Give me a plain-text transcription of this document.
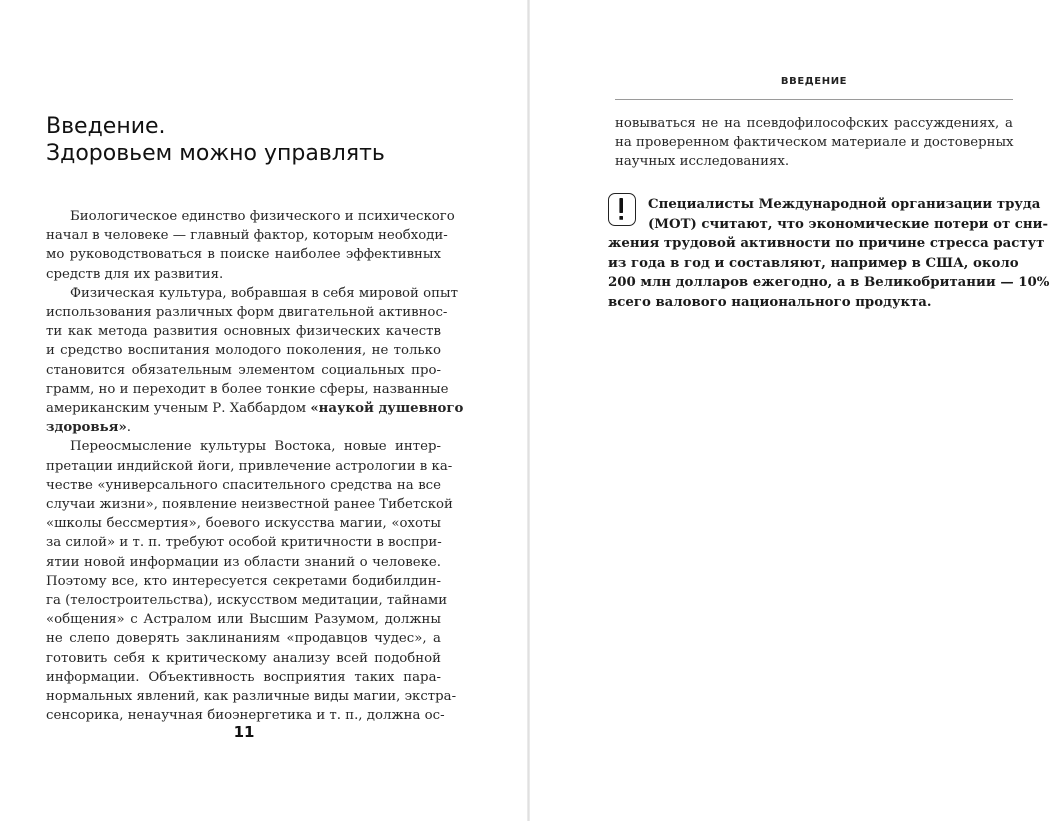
Введение.
Здоровьем можно управлять

Биологическое единство физического и психического
начал в человеке — главный фактор, которым необходи-
мо руководствоваться в поиске наиболее эффективных
средств для их развития.

Физическая культура, вобравшая в себя мировой опыт
использования различных форм двигательной активнос-
ти как метода развития основных физических качеств
и средство воспитания молодого поколения, не только
становится обязательным элементом социальных про-
грамм, но и переходит в более тонкие сферы, названные
американским ученым Р. Хаббардом «наукой душевного
здоровья».

Переосмысление культуры Востока, новые интер-
претации индийской йоги, привлечение астрологии в ка-
честве «универсального спасительного средства на все
случаи жизни», появление неизвестной ранее Тибетской
«школы бессмертия», боевого искусства магии, «охоты
за силой» и т. п. требуют особой критичности в воспри-
ятии новой информации из области знаний о человеке.
Поэтому все, кто интересуется секретами бодибилдин-
га (телостроительства), искусством медитации, тайнами
«общения» с Астралом или Высшим Разумом, должны
не слепо доверять заклинаниям «продавцов чудес», а
готовить себя к критическому анализу всей подобной
информации. Объективность восприятия таких пара-
нормальных явлений, как различные виды магии, экстра-
сенсорика, ненаучная биоэнергетика и т. п., должна ос-

11
ВВЕДЕНИЕ
новываться не на псевдофилософских рассуждениях, а
на проверенном фактическом материале и достоверных
научных исследованиях.
Специалисты Международной организации труда
(МОТ) считают, что экономические потери от сни-
жения трудовой активности по причине стресса растут
из года в год и составляют, например в США, около
200 млн долларов ежегодно, а в Великобритании — 10%
всего валового национального продукта.
